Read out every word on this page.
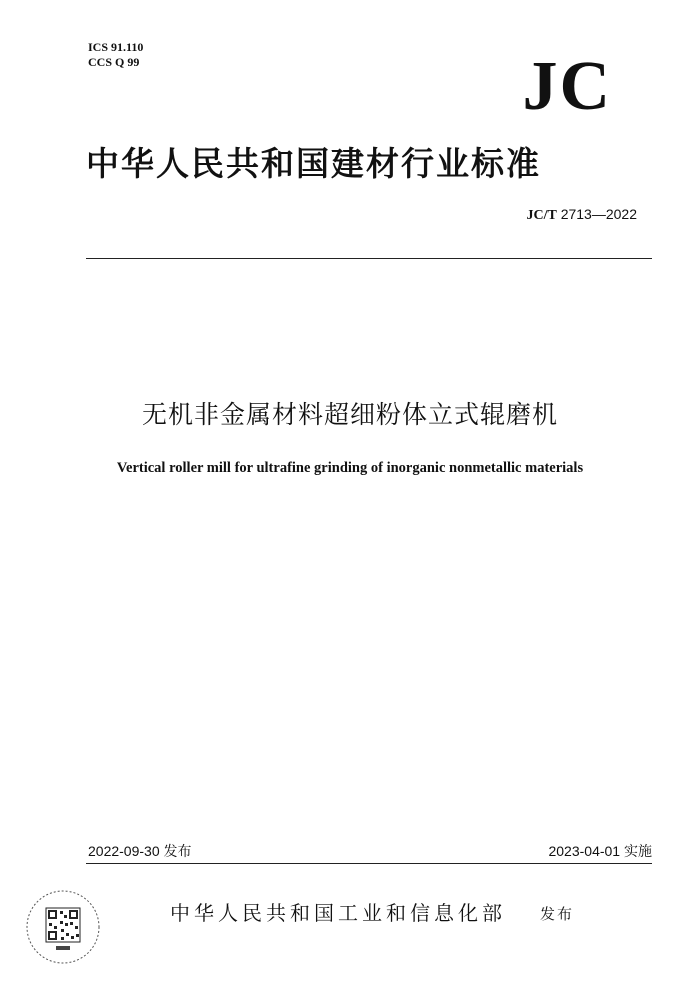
ICS 91.110
CCS Q 99	JC
中华人民共和国建材行业标准
JC/T 2713—2022
无机非金属材料超细粉体立式辊磨机
Vertical roller mill for ultrafine grinding of inorganic nonmetallic materials
2022-09-30 发布	2023-04-01 实施
中华人民共和国工业和信息化部 发布
